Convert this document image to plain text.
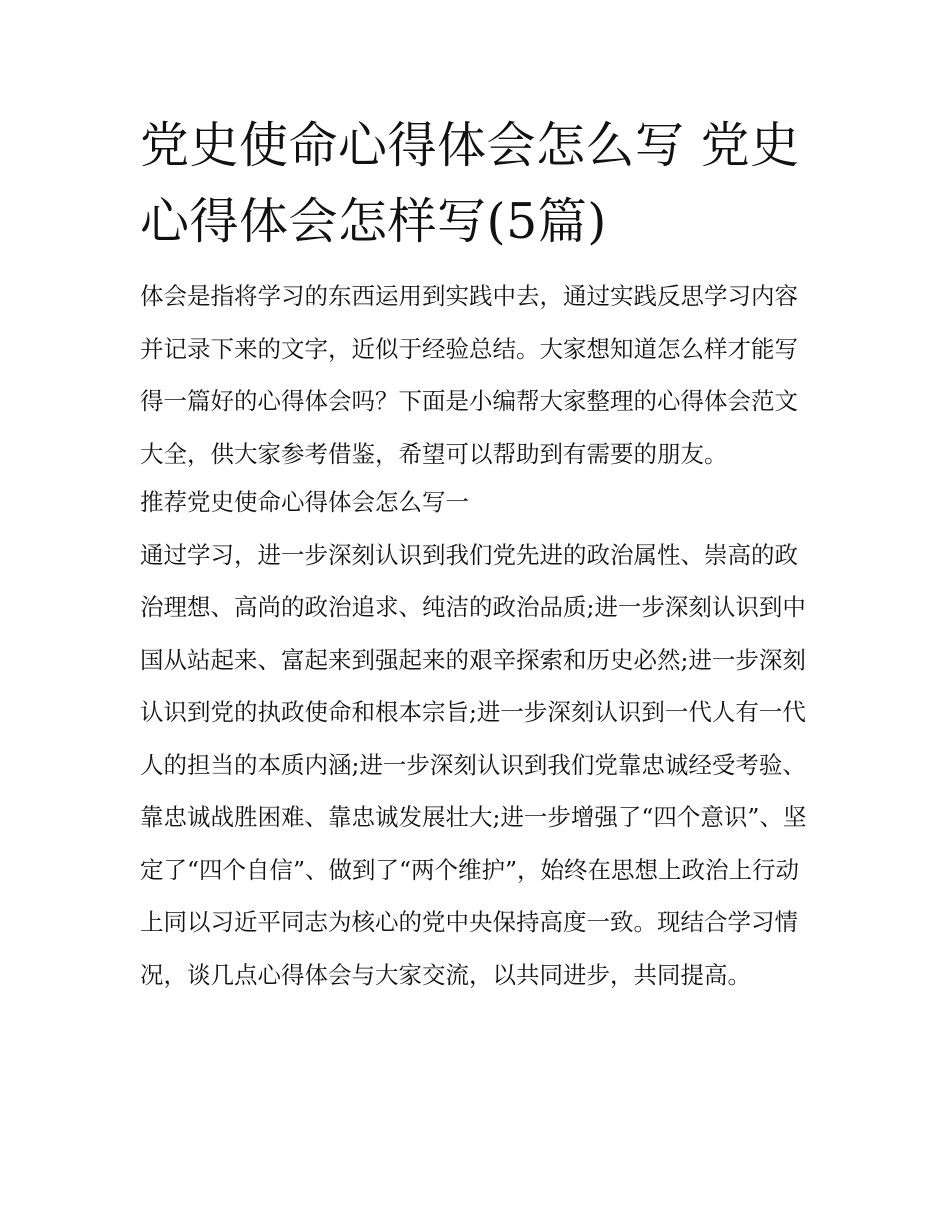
党史使命心得体会怎么写 党史心得体会怎样写(5篇)

体会是指将学习的东西运用到实践中去，通过实践反思学习内容并记录下来的文字，近似于经验总结。大家想知道怎么样才能写得一篇好的心得体会吗？下面是小编帮大家整理的心得体会范文大全，供大家参考借鉴，希望可以帮助到有需要的朋友。

推荐党史使命心得体会怎么写一

通过学习，进一步深刻认识到我们党先进的政治属性、崇高的政治理想、高尚的政治追求、纯洁的政治品质;进一步深刻认识到中国从站起来、富起来到强起来的艰辛探索和历史必然;进一步深刻认识到党的执政使命和根本宗旨;进一步深刻认识到一代人有一代人的担当的本质内涵;进一步深刻认识到我们党靠忠诚经受考验、靠忠诚战胜困难、靠忠诚发展壮大;进一步增强了“四个意识”、坚定了“四个自信”、做到了“两个维护”，始终在思想上政治上行动上同以习近平同志为核心的党中央保持高度一致。现结合学习情况，谈几点心得体会与大家交流，以共同进步，共同提高。
